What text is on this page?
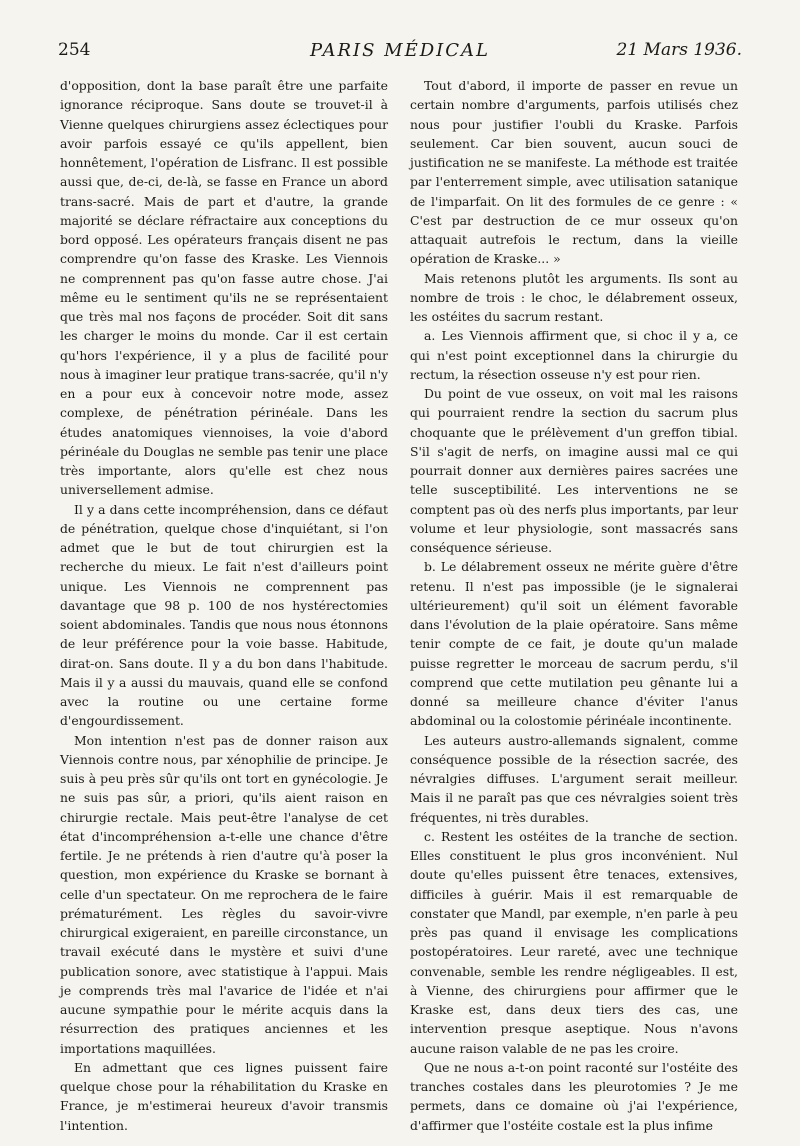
254	PARIS MÉDICAL	21 Mars 1936.

d'opposition, dont la base paraît être une parfaite ignorance réciproque. Sans doute se trouvet-il à Vienne quelques chirurgiens assez éclectiques pour avoir parfois essayé ce qu'ils appellent, bien honnêtement, l'opération de Lisfranc. Il est possible aussi que, de-ci, de-là, se fasse en France un abord trans-sacré. Mais de part et d'autre, la grande majorité se déclare réfractaire aux conceptions du bord opposé. Les opérateurs français disent ne pas comprendre qu'on fasse des Kraske. Les Viennois ne comprennent pas qu'on fasse autre chose. J'ai même eu le sentiment qu'ils ne se représentaient que très mal nos façons de procéder. Soit dit sans les charger le moins du monde. Car il est certain qu'hors l'expérience, il y a plus de facilité pour nous à imaginer leur pratique trans-sacrée, qu'il n'y en a pour eux à concevoir notre mode, assez complexe, de pénétration périnéale. Dans les études anatomiques viennoises, la voie d'abord périnéale du Douglas ne semble pas tenir une place très importante, alors qu'elle est chez nous universellement admise.

Il y a dans cette incompréhension, dans ce défaut de pénétration, quelque chose d'inquiétant, si l'on admet que le but de tout chirurgien est la recherche du mieux. Le fait n'est d'ailleurs point unique. Les Viennois ne comprennent pas davantage que 98 p. 100 de nos hystérectomies soient abdominales. Tandis que nous nous étonnons de leur préférence pour la voie basse. Habitude, dirat-on. Sans doute. Il y a du bon dans l'habitude. Mais il y a aussi du mauvais, quand elle se confond avec la routine ou une certaine forme d'engourdissement.

Mon intention n'est pas de donner raison aux Viennois contre nous, par xénophilie de principe. Je suis à peu près sûr qu'ils ont tort en gynécologie. Je ne suis pas sûr, a priori, qu'ils aient raison en chirurgie rectale. Mais peut-être l'analyse de cet état d'incompréhension a-t-elle une chance d'être fertile. Je ne prétends à rien d'autre qu'à poser la question, mon expérience du Kraske se bornant à celle d'un spectateur. On me reprochera de le faire prématurément. Les règles du savoir-vivre chirurgical exigeraient, en pareille circonstance, un travail exécuté dans le mystère et suivi d'une publication sonore, avec statistique à l'appui. Mais je comprends très mal l'avarice de l'idée et n'ai aucune sympathie pour le mérite acquis dans la résurrection des pratiques anciennes et les importations maquillées.

En admettant que ces lignes puissent faire quelque chose pour la réhabilitation du Kraske en France, je m'estimerai heureux d'avoir transmis l'intention.

Tout d'abord, il importe de passer en revue un certain nombre d'arguments, parfois utilisés chez nous pour justifier l'oubli du Kraske. Parfois seulement. Car bien souvent, aucun souci de justification ne se manifeste. La méthode est traitée par l'enterrement simple, avec utilisation satanique de l'imparfait. On lit des formules de ce genre : « C'est par destruction de ce mur osseux qu'on attaquait autrefois le rectum, dans la vieille opération de Kraske... »

Mais retenons plutôt les arguments. Ils sont au nombre de trois : le choc, le délabrement osseux, les ostéites du sacrum restant.

a. Les Viennois affirment que, si choc il y a, ce qui n'est point exceptionnel dans la chirurgie du rectum, la résection osseuse n'y est pour rien.

Du point de vue osseux, on voit mal les raisons qui pourraient rendre la section du sacrum plus choquante que le prélèvement d'un greffon tibial. S'il s'agit de nerfs, on imagine aussi mal ce qui pourrait donner aux dernières paires sacrées une telle susceptibilité. Les interventions ne se comptent pas où des nerfs plus importants, par leur volume et leur physiologie, sont massacrés sans conséquence sérieuse.

b. Le délabrement osseux ne mérite guère d'être retenu. Il n'est pas impossible (je le signalerai ultérieurement) qu'il soit un élément favorable dans l'évolution de la plaie opératoire. Sans même tenir compte de ce fait, je doute qu'un malade puisse regretter le morceau de sacrum perdu, s'il comprend que cette mutilation peu gênante lui a donné sa meilleure chance d'éviter l'anus abdominal ou la colostomie périnéale incontinente.

Les auteurs austro-allemands signalent, comme conséquence possible de la résection sacrée, des névralgies diffuses. L'argument serait meilleur. Mais il ne paraît pas que ces névralgies soient très fréquentes, ni très durables.

c. Restent les ostéites de la tranche de section. Elles constituent le plus gros inconvénient. Nul doute qu'elles puissent être tenaces, extensives, difficiles à guérir. Mais il est remarquable de constater que Mandl, par exemple, n'en parle à peu près pas quand il envisage les complications postopératoires. Leur rareté, avec une technique convenable, semble les rendre négligeables. Il est, à Vienne, des chirurgiens pour affirmer que le Kraske est, dans deux tiers des cas, une intervention presque aseptique. Nous n'avons aucune raison valable de ne pas les croire.

Que ne nous a-t-on point raconté sur l'ostéite des tranches costales dans les pleurotomies ? Je me permets, dans ce domaine où j'ai l'expérience, d'affirmer que l'ostéite costale est la plus infime
